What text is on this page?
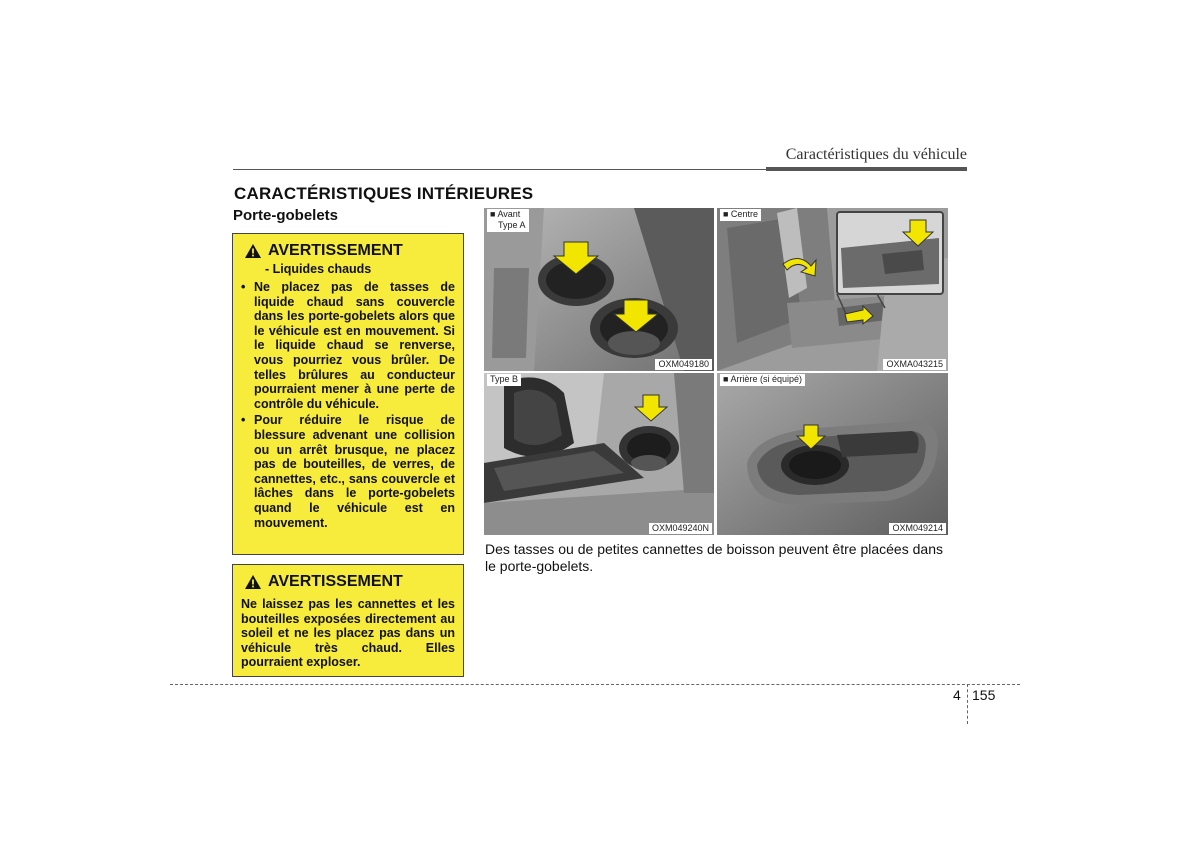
Caractéristiques du véhicule
CARACTÉRISTIQUES INTÉRIEURES
Porte-gobelets
AVERTISSEMENT
- Liquides chauds
• Ne placez pas de tasses de liquide chaud sans couvercle dans les porte-gobelets alors que le véhicule est en mouvement. Si le liquide chaud se renverse, vous pourriez vous brûler. De telles brûlures au conducteur pourraient mener à une perte de contrôle du véhicule.
• Pour réduire le risque de blessure advenant une collision ou un arrêt brusque, ne placez pas de bouteilles, de verres, de cannettes, etc., sans couvercle et lâches dans le porte-gobelets quand le véhicule est en mouvement.
AVERTISSEMENT
Ne laissez pas les cannettes et les bouteilles exposées directement au soleil et ne les placez pas dans un véhicule très chaud. Elles pourraient exploser.
■ Avant
Type A
OXM049180
■ Centre
OXMA043215
Type B
OXM049240N
■ Arrière (si équipé)
OXM049214
Des tasses ou de petites cannettes de boisson peuvent être placées dans le porte-gobelets.
4 155
